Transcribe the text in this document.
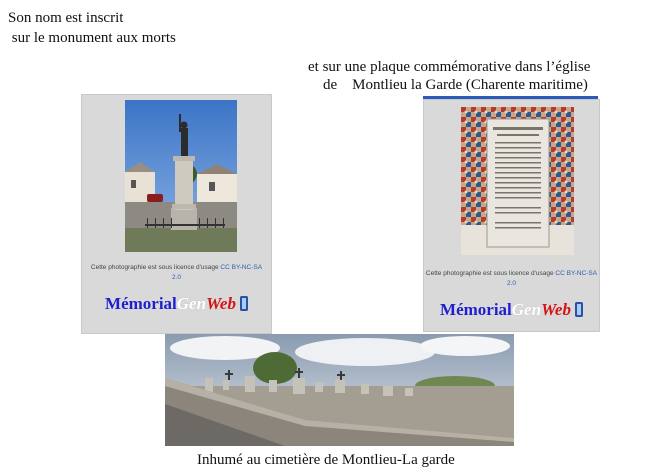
Son nom est inscrit
sur le monument aux morts
et sur une plaque commémorative dans l’église
de    Montlieu la Garde (Charente maritime)
Cette photographie est sous licence d'usage CC BY-NC-SA
2.0
MémorialGenWeb
Cette photographie est sous licence d'usage CC BY-NC-SA
2.0
MémorialGenWeb
Inhumé au cimetière de Montlieu-La garde
